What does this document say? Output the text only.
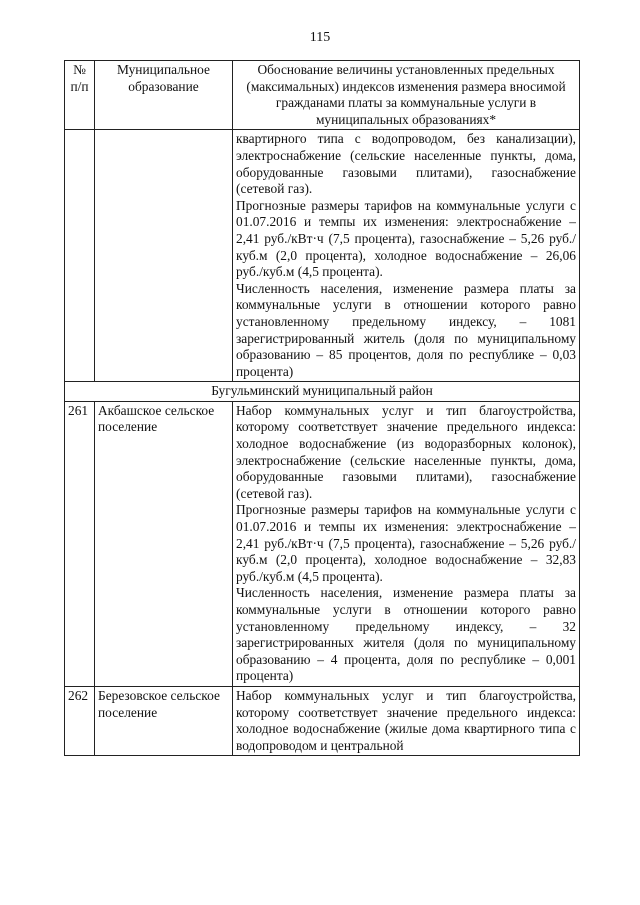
115
№ п/п	Муниципальное образование	Обоснование величины установленных предельных (максимальных) индексов изменения размера вносимой гражданами платы за коммунальные услуги в муниципальных образованиях*

		квартирного типа с водопроводом, без канализации), электроснабжение (сельские населенные пункты, дома, оборудованные газовыми плитами), газоснабжение (сетевой газ).

Прогнозные размеры тарифов на коммунальные услуги с 01.07.2016 и темпы их изменения: электроснабжение – 2,41 руб./кВт·ч (7,5 процента), газоснабжение – 5,26 руб./куб.м (2,0 процента), холодное водоснабжение – 26,06 руб./куб.м (4,5 процента).

Численность населения, изменение размера платы за коммунальные услуги в отношении которого равно установленному предельному индексу, – 1081 зарегистрированный житель (доля по муниципальному образованию – 85 процентов, доля по республике – 0,03 процента)

Бугульминский муниципальный район		
261	Акбашское сельское поселение	Набор коммунальных услуг и тип благоустройства, которому соответствует значение предельного индекса: холодное водоснабжение (из водоразборных колонок), электроснабжение (сельские населенные пункты, дома, оборудованные газовыми плитами), газоснабжение (сетевой газ).

Прогнозные размеры тарифов на коммунальные услуги с 01.07.2016 и темпы их изменения: электроснабжение – 2,41 руб./кВт·ч (7,5 процента), газоснабжение – 5,26 руб./куб.м (2,0 процента), холодное водоснабжение – 32,83 руб./куб.м (4,5 процента).

Численность населения, изменение размера платы за коммунальные услуги в отношении которого равно установленному предельному индексу, – 32 зарегистрированных жителя (доля по муниципальному образованию – 4 процента, доля по республике – 0,001 процента)

262	Березовское сельское поселение	Набор коммунальных услуг и тип благоустройства, которому соответствует значение предельного индекса: холодное водоснабжение (жилые дома квартирного типа с водопроводом и центральной
